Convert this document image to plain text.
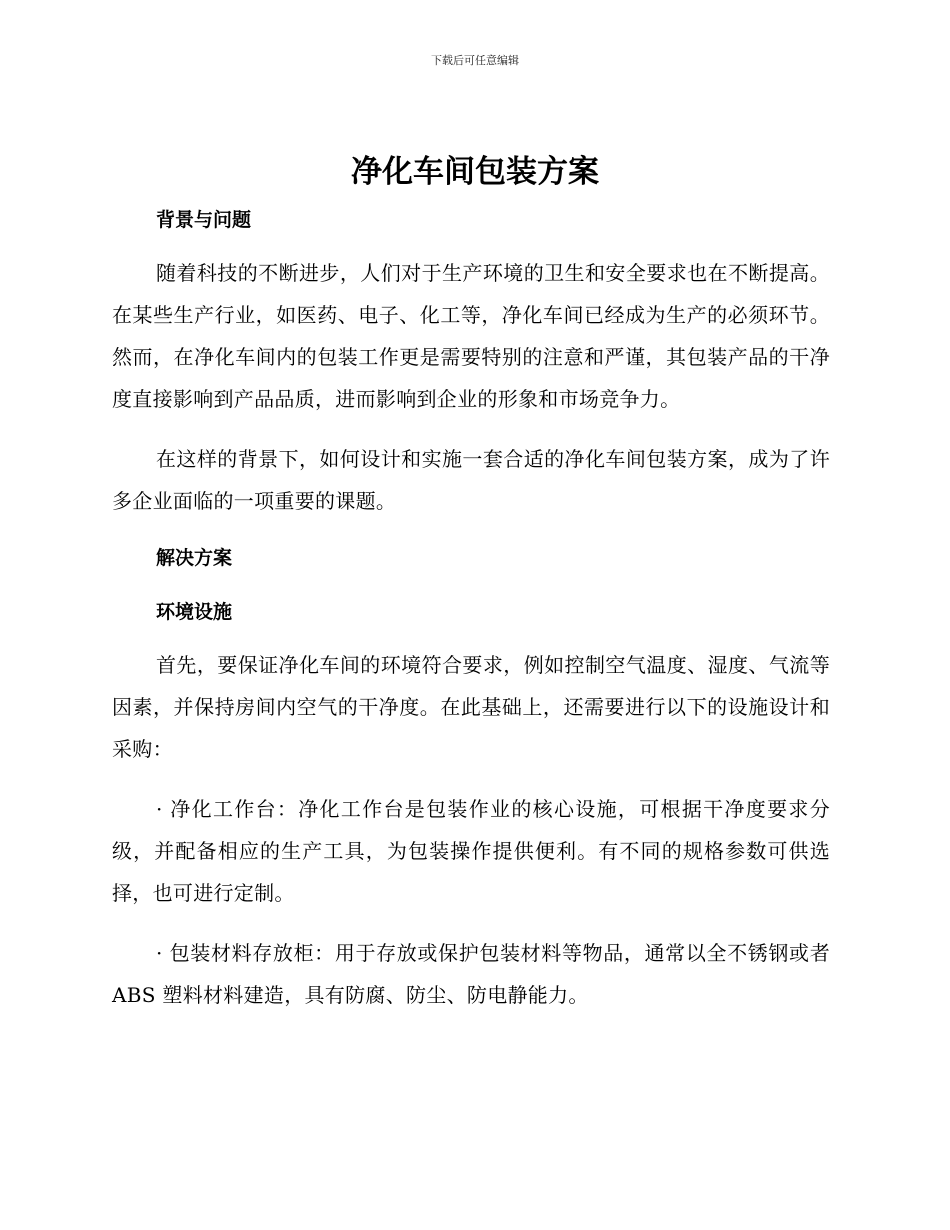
下载后可任意编辑
净化车间包装方案
背景与问题

随着科技的不断进步，人们对于生产环境的卫生和安全要求也在不断提高。在某些生产行业，如医药、电子、化工等，净化车间已经成为生产的必须环节。然而，在净化车间内的包装工作更是需要特别的注意和严谨，其包装产品的干净度直接影响到产品品质，进而影响到企业的形象和市场竞争力。

在这样的背景下，如何设计和实施一套合适的净化车间包装方案，成为了许多企业面临的一项重要的课题。

解决方案
环境设施

首先，要保证净化车间的环境符合要求，例如控制空气温度、湿度、气流等因素，并保持房间内空气的干净度。在此基础上，还需要进行以下的设施设计和采购：

· 净化工作台：净化工作台是包装作业的核心设施，可根据干净度要求分级，并配备相应的生产工具，为包装操作提供便利。有不同的规格参数可供选择，也可进行定制。

· 包装材料存放柜：用于存放或保护包装材料等物品，通常以全不锈钢或者 ABS 塑料材料建造，具有防腐、防尘、防电静能力。
